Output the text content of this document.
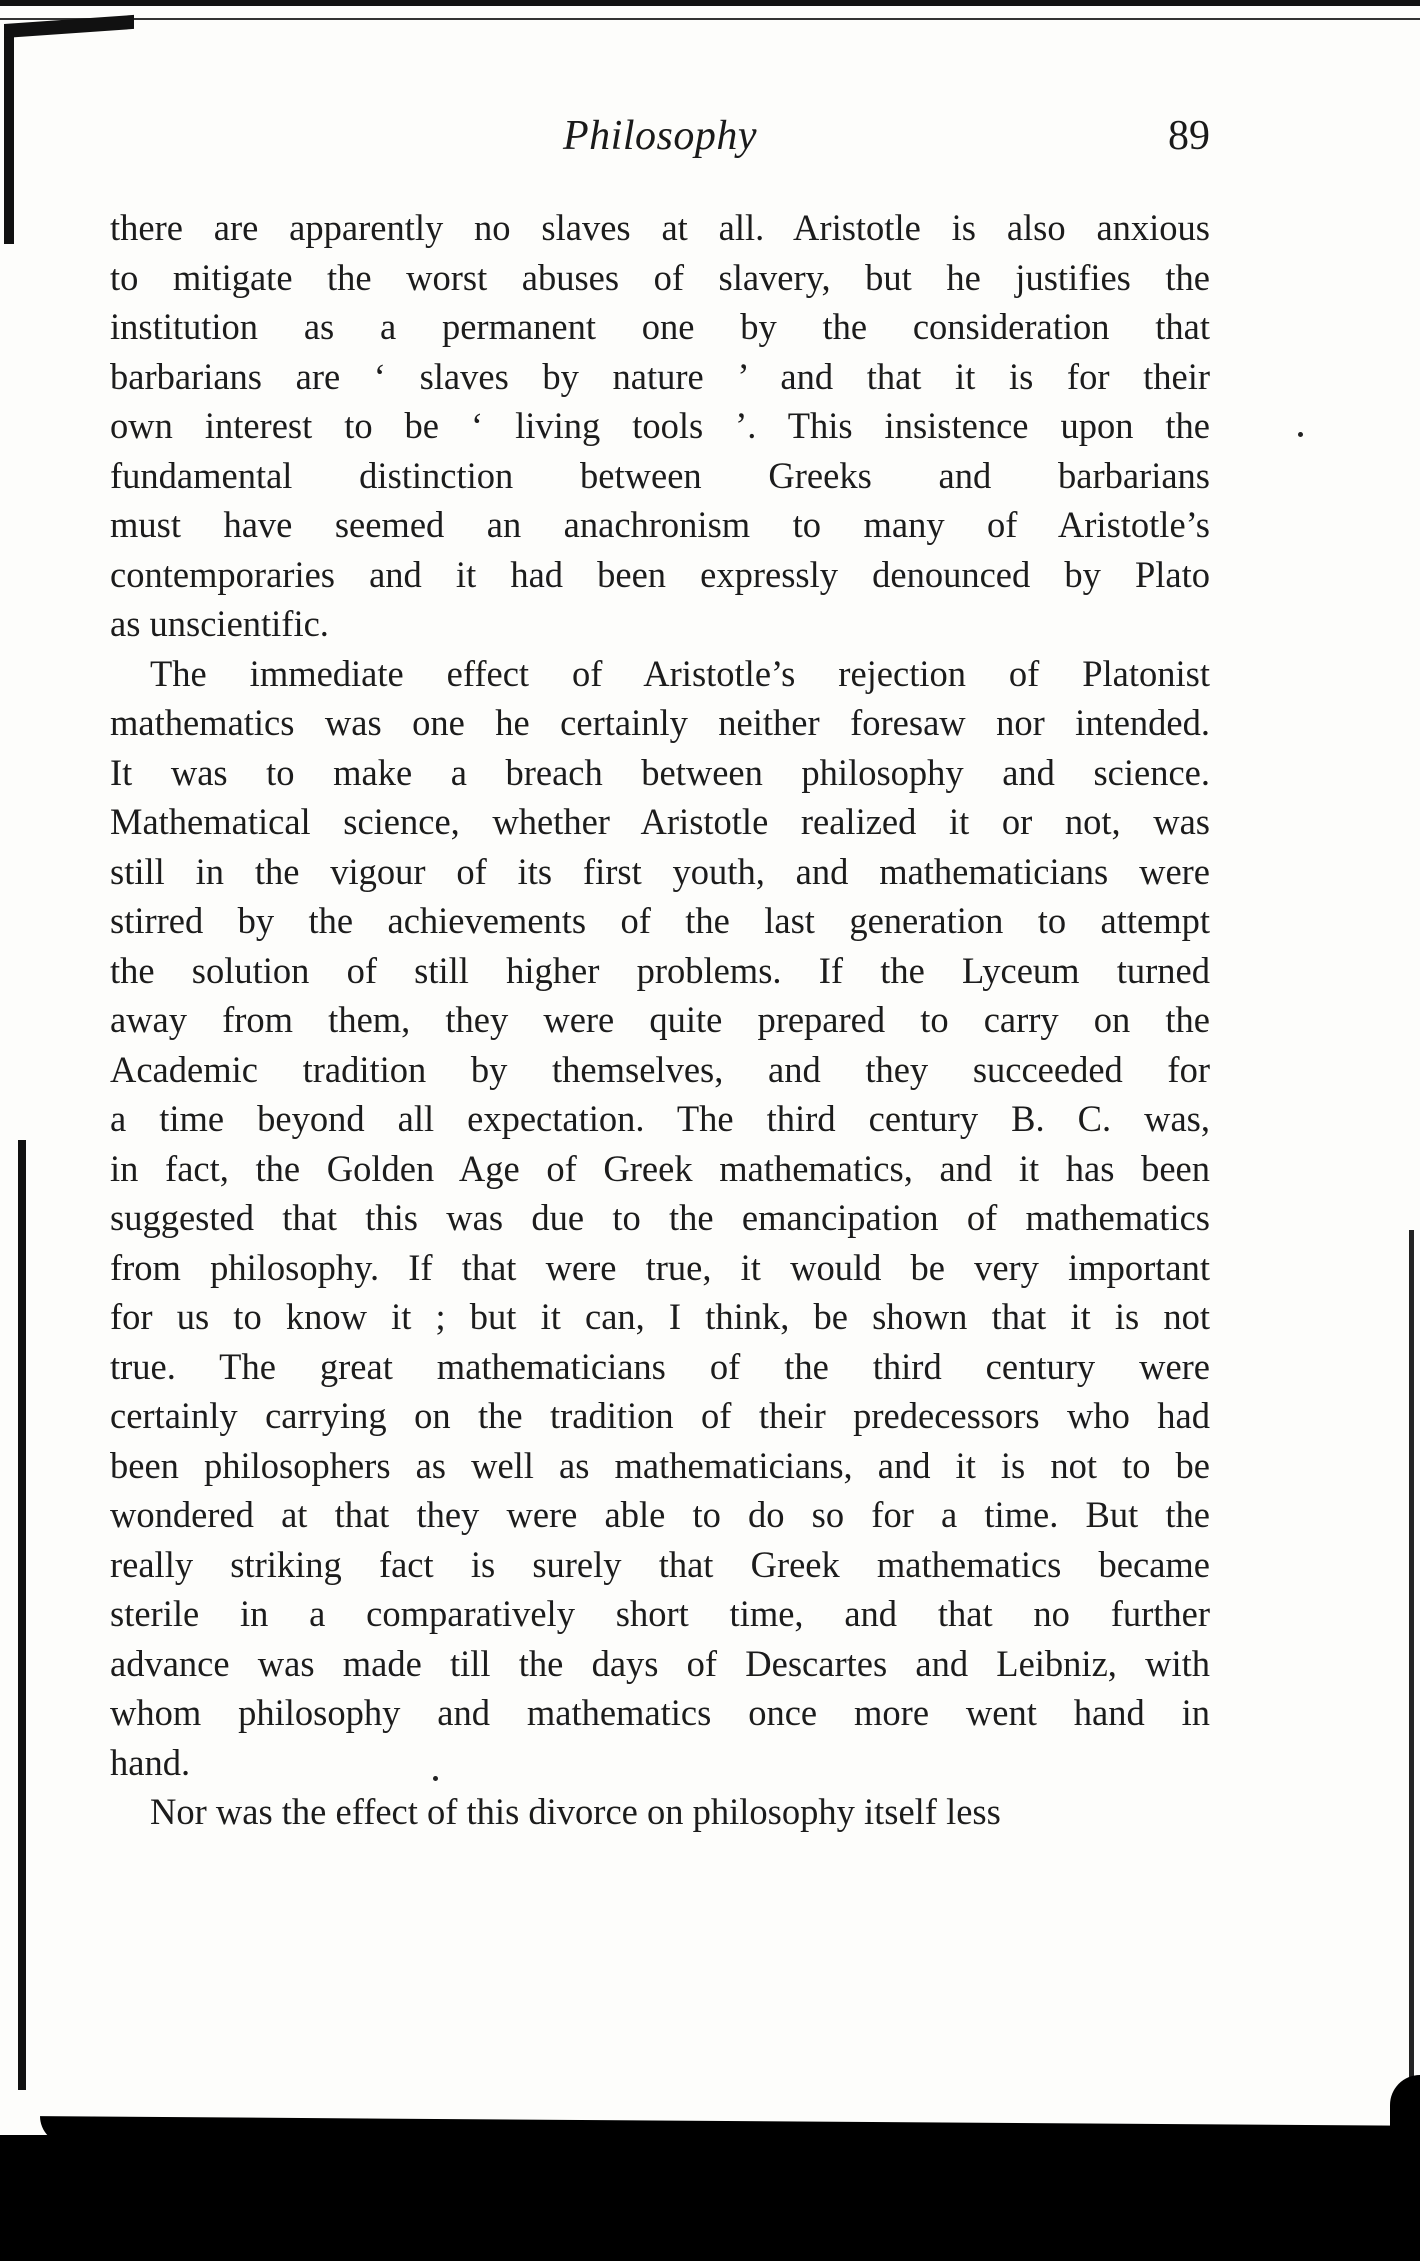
Philosophy	89
there are apparently no slaves at all. Aristotle is also anxious
to mitigate the worst abuses of slavery, but he justifies the
institution as a permanent one by the consideration that
barbarians are ‘ slaves by nature ’ and that it is for their
own interest to be ‘ living tools ’. This insistence upon the
fundamental distinction between Greeks and barbarians
must have seemed an anachronism to many of Aristotle’s
contemporaries and it had been expressly denounced by Plato
as unscientific.
The immediate effect of Aristotle’s rejection of Platonist
mathematics was one he certainly neither foresaw nor intended.
It was to make a breach between philosophy and science.
Mathematical science, whether Aristotle realized it or not, was
still in the vigour of its first youth, and mathematicians were
stirred by the achievements of the last generation to attempt
the solution of still higher problems. If the Lyceum turned
away from them, they were quite prepared to carry on the
Academic tradition by themselves, and they succeeded for
a time beyond all expectation. The third century B. C. was,
in fact, the Golden Age of Greek mathematics, and it has been
suggested that this was due to the emancipation of mathematics
from philosophy. If that were true, it would be very important
for us to know it ; but it can, I think, be shown that it is not
true. The great mathematicians of the third century were
certainly carrying on the tradition of their predecessors who had
been philosophers as well as mathematicians, and it is not to be
wondered at that they were able to do so for a time. But the
really striking fact is surely that Greek mathematics became
sterile in a comparatively short time, and that no further
advance was made till the days of Descartes and Leibniz, with
whom philosophy and mathematics once more went hand in
hand.
Nor was the effect of this divorce on philosophy itself less
